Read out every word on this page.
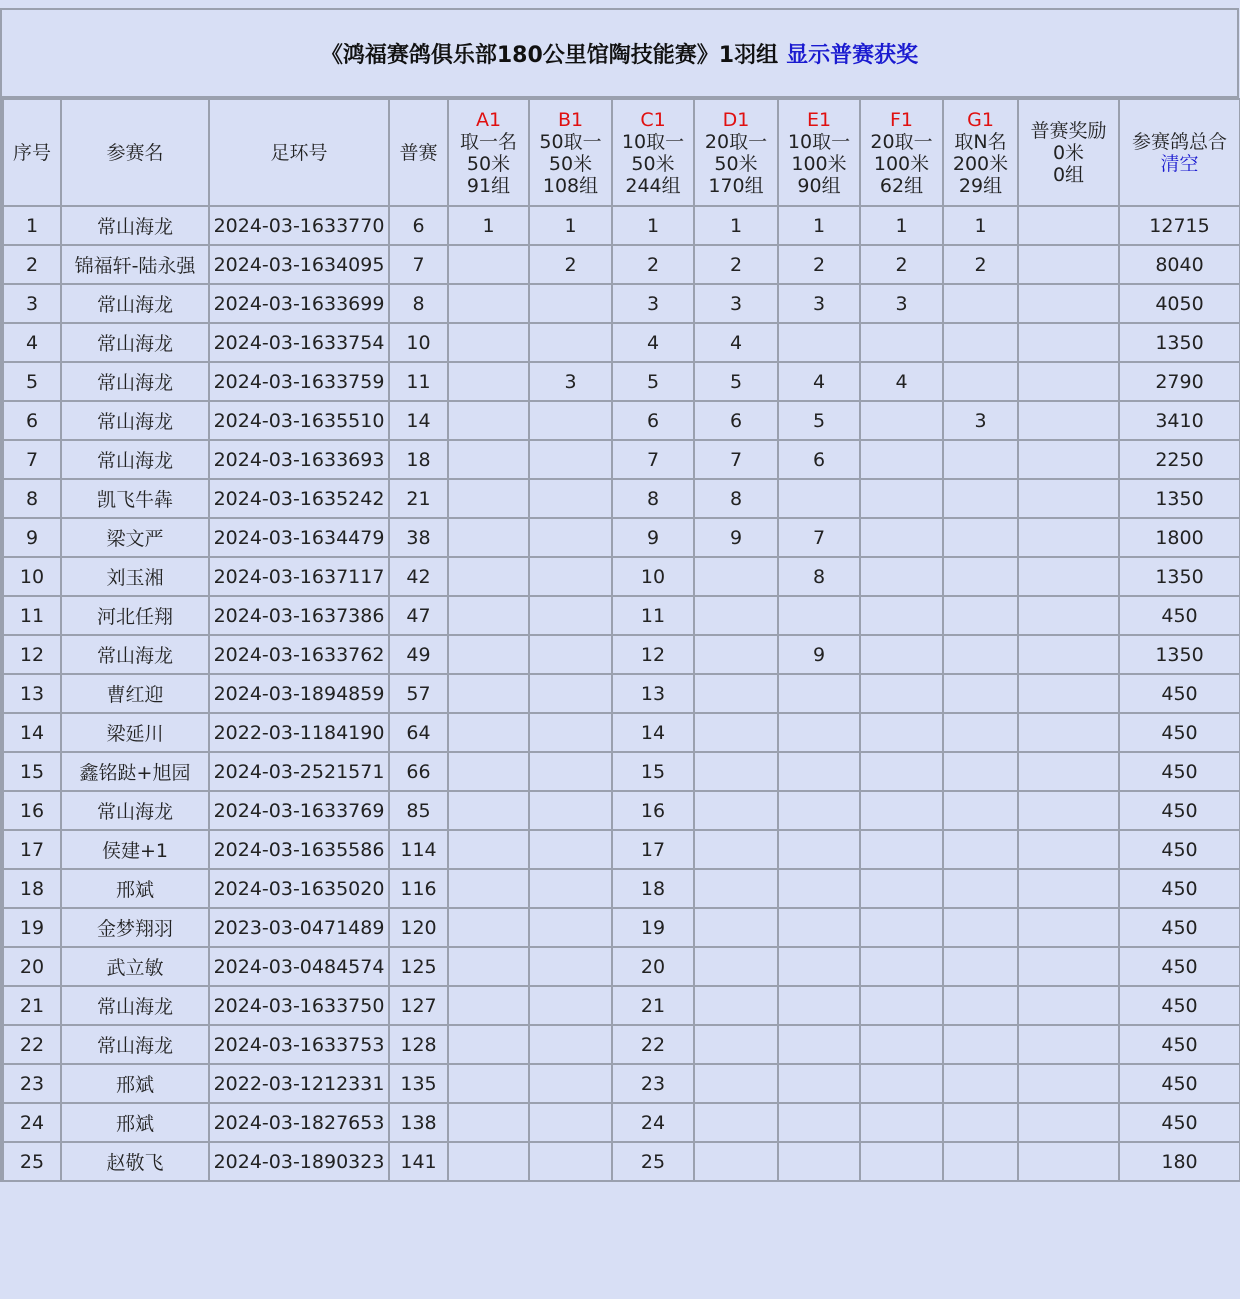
《鸿福赛鸽俱乐部180公里馆陶技能赛》1羽组 显示普赛获奖
序号	参赛名	足环号	普赛	A1
取一名
50米
91组	B1
50取一
50米
108组	C1
10取一
50米
244组	D1
20取一
50米
170组	E1
10取一
100米
90组	F1
20取一
100米
62组	G1
取N名
200米
29组	普赛奖励
0米
0组	参赛鸽总合
清空

1	常山海龙	2024-03-1633770	6	1	1	1	1	1	1	1		12715
2	锦福轩-陆永强	2024-03-1634095	7		2	2	2	2	2	2		8040
3	常山海龙	2024-03-1633699	8			3	3	3	3			4050
4	常山海龙	2024-03-1633754	10			4	4					1350
5	常山海龙	2024-03-1633759	11		3	5	5	4	4			2790
6	常山海龙	2024-03-1635510	14			6	6	5		3		3410
7	常山海龙	2024-03-1633693	18			7	7	6				2250
8	凯飞牛犇	2024-03-1635242	21			8	8					1350
9	梁文严	2024-03-1634479	38			9	9	7				1800
10	刘玉湘	2024-03-1637117	42			10		8				1350
11	河北任翔	2024-03-1637386	47			11						450
12	常山海龙	2024-03-1633762	49			12		9				1350
13	曹红迎	2024-03-1894859	57			13						450
14	梁延川	2022-03-1184190	64			14						450
15	鑫铭跶+旭园	2024-03-2521571	66			15						450
16	常山海龙	2024-03-1633769	85			16						450
17	侯建+1	2024-03-1635586	114			17						450
18	邢斌	2024-03-1635020	116			18						450
19	金梦翔羽	2023-03-0471489	120			19						450
20	武立敏	2024-03-0484574	125			20						450
21	常山海龙	2024-03-1633750	127			21						450
22	常山海龙	2024-03-1633753	128			22						450
23	邢斌	2022-03-1212331	135			23						450
24	邢斌	2024-03-1827653	138			24						450
25	赵敬飞	2024-03-1890323	141			25						180
